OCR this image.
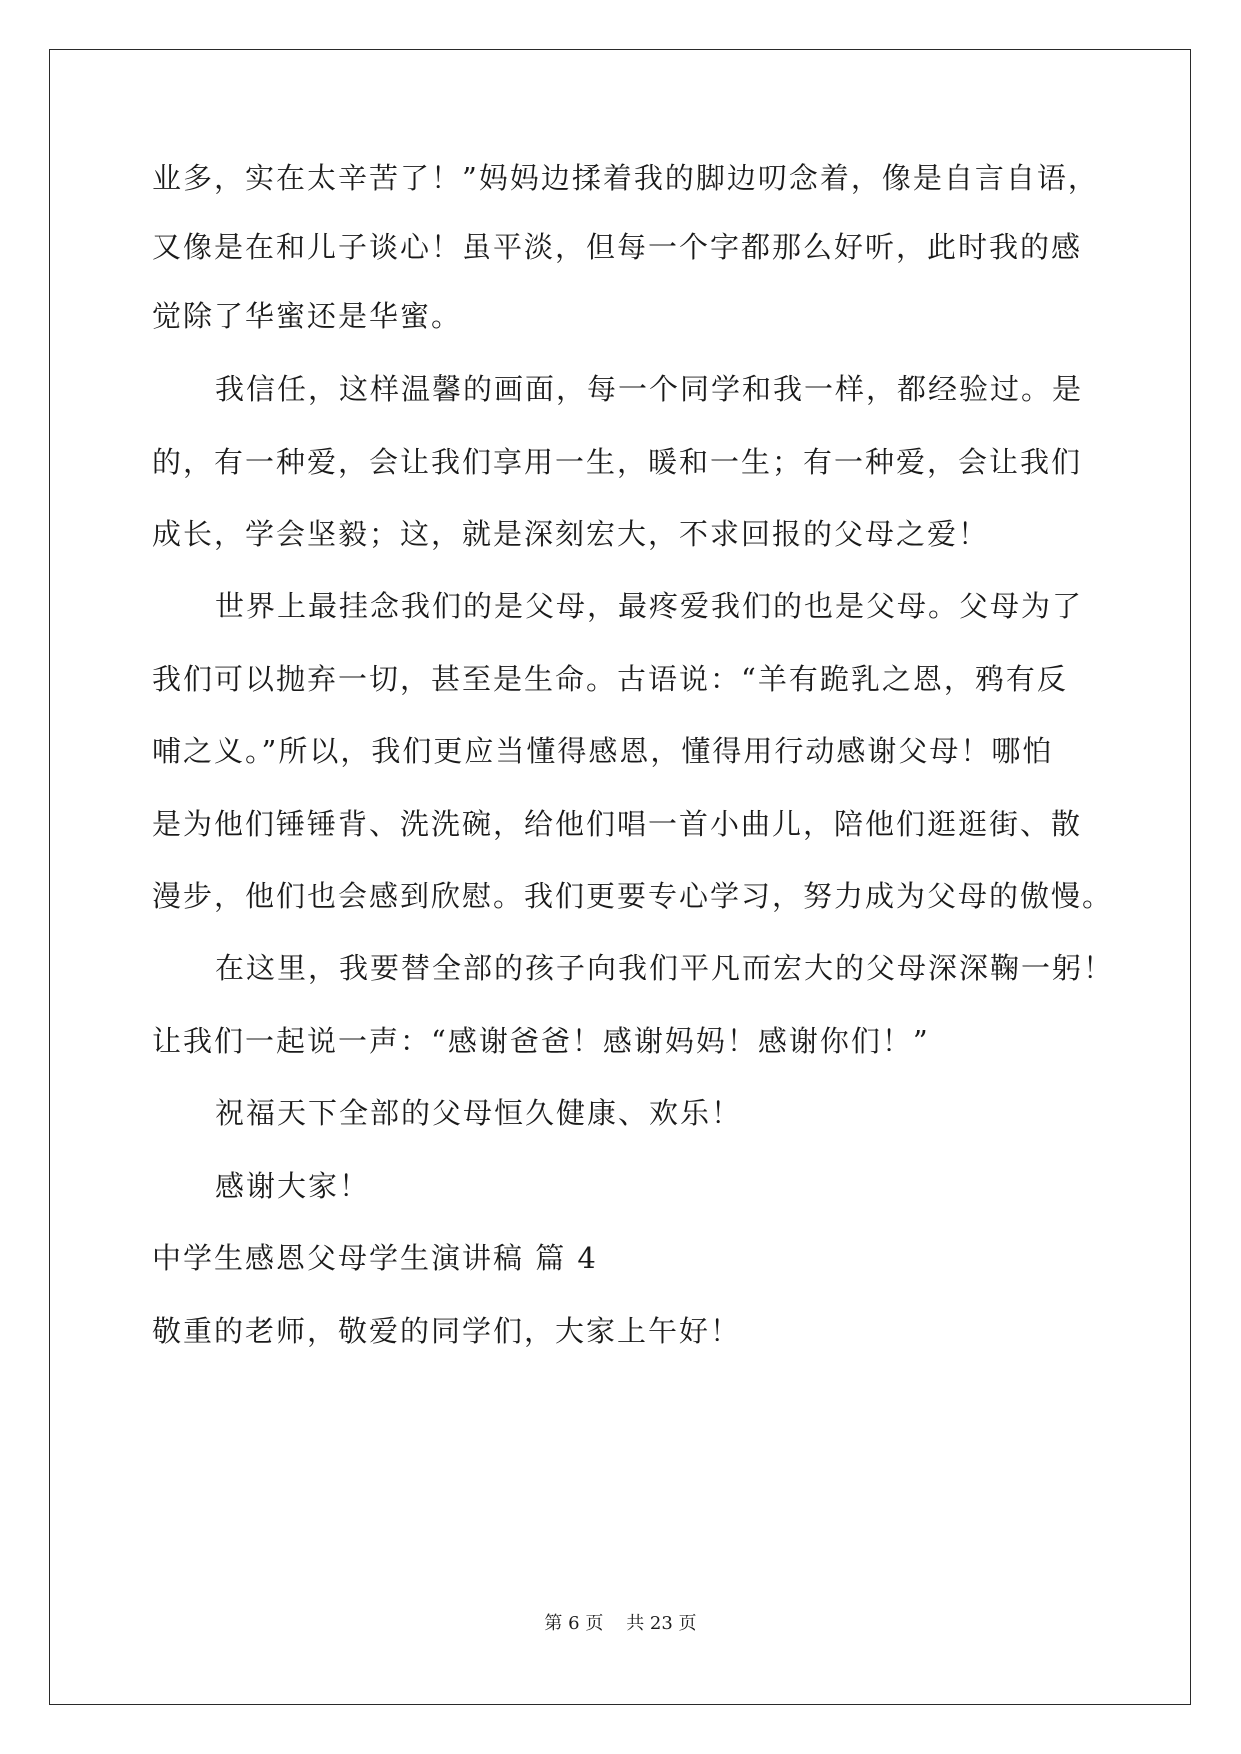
业多，实在太辛苦了！”妈妈边揉着我的脚边叨念着，像是自言自语，
又像是在和儿子谈心！虽平淡，但每一个字都那么好听，此时我的感
觉除了华蜜还是华蜜。
我信任，这样温馨的画面，每一个同学和我一样，都经验过。是
的，有一种爱，会让我们享用一生，暖和一生；有一种爱，会让我们
成长，学会坚毅；这，就是深刻宏大，不求回报的父母之爱！
世界上最挂念我们的是父母，最疼爱我们的也是父母。父母为了
我们可以抛弃一切，甚至是生命。古语说：“羊有跪乳之恩，鸦有反
哺之义。”所以，我们更应当懂得感恩，懂得用行动感谢父母！哪怕
是为他们锤锤背、洗洗碗，给他们唱一首小曲儿，陪他们逛逛街、散
漫步，他们也会感到欣慰。我们更要专心学习，努力成为父母的傲慢。
在这里，我要替全部的孩子向我们平凡而宏大的父母深深鞠一躬！
让我们一起说一声：“感谢爸爸！感谢妈妈！感谢你们！”
祝福天下全部的父母恒久健康、欢乐！
感谢大家！
中学生感恩父母学生演讲稿 篇 4
敬重的老师，敬爱的同学们，大家上午好！
第 6 页    共 23 页
